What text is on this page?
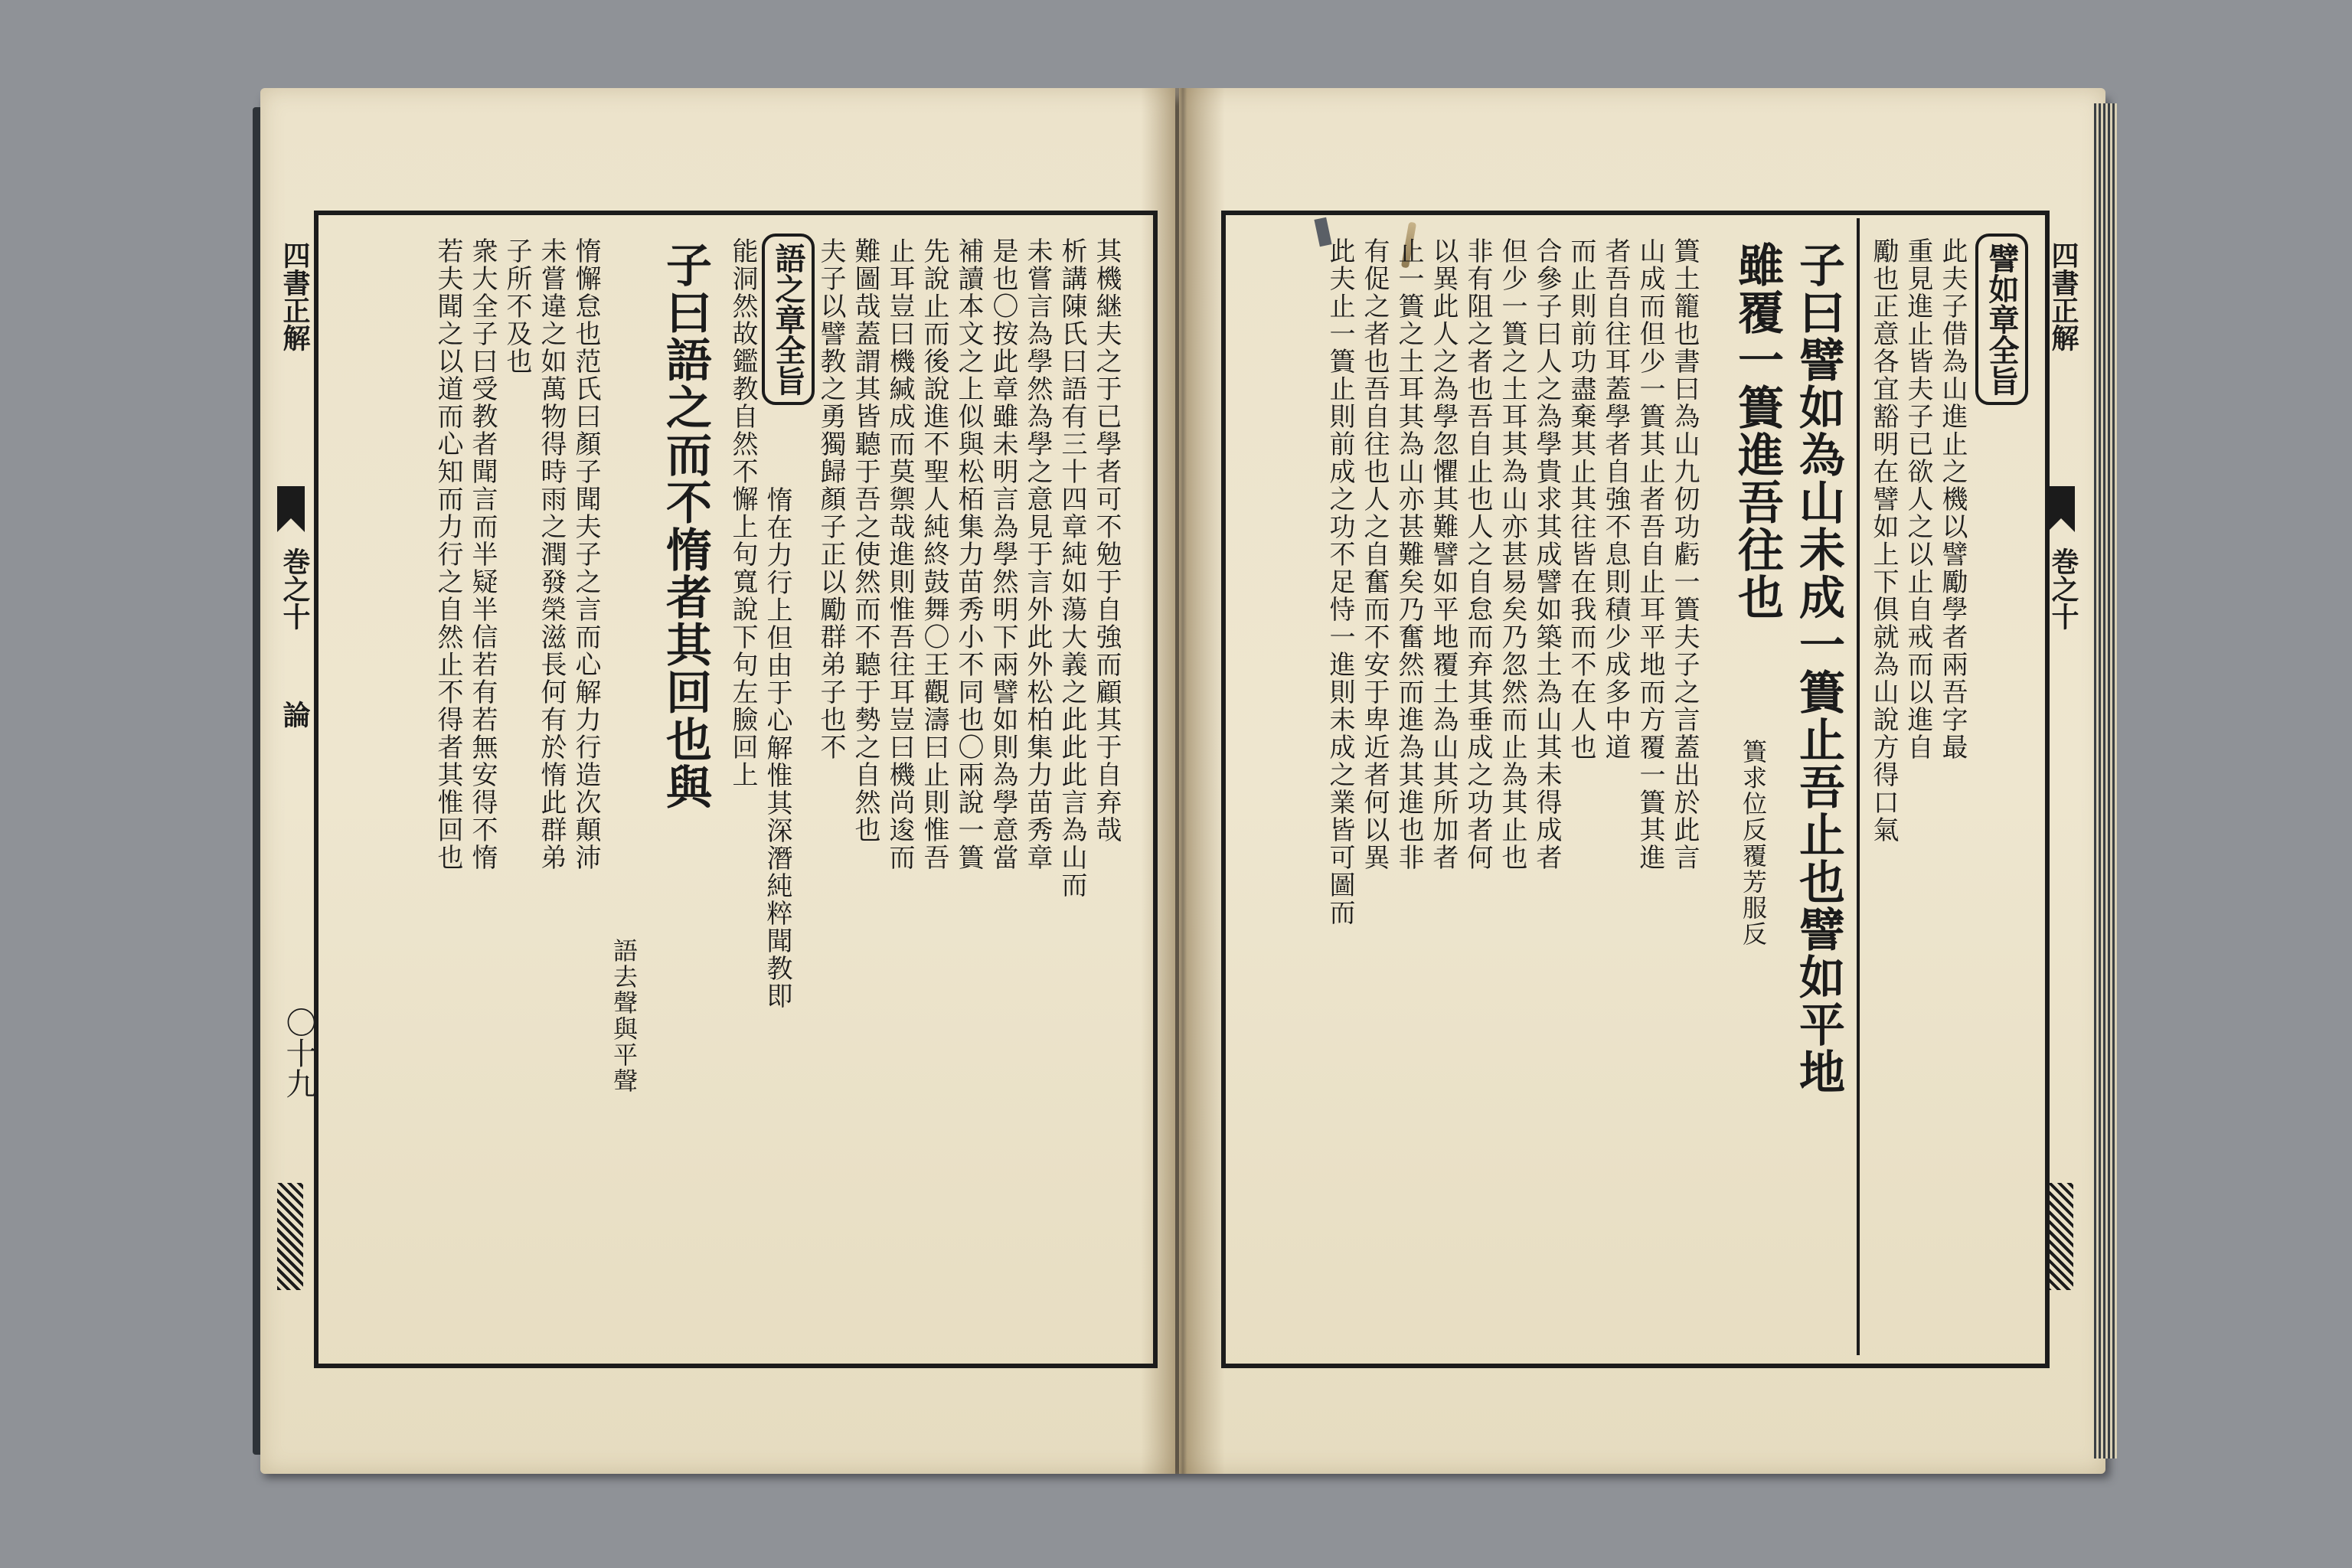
四書正解
巻之十
論
〇十九
其機継夫之于已學者可不勉于自強而顧其于自弃哉
析講陳氏曰語有三十四章純如蕩大義之此此此言為山而
未嘗言為學然為學之意見于言外此外松柏集力苗秀章
是也〇按此章雖未明言為學然明下兩譬如則為學意當
補讀本文之上似與松栢集力苗秀小不同也〇兩說一簣
先說止而後說進不聖人純終鼓舞〇王觀濤曰止則惟吾
止耳豈曰機緘成而莫禦哉進則惟吾往耳豈曰機尚逡而
難圖哉蓋謂其皆聽于吾之使然而不聽于勢之自然也
夫子以譬教之勇獨歸顏子正以勵群弟子也不
語之章全旨
惰在力行上但由于心解惟其深潛純粹聞教即
能洞然故鑑教自然不懈上句寬說下句左臉回上
子曰語之而不惰者其回也與
語去聲與平聲
惰懈怠也范氏曰顏子聞夫子之言而心解力行造次顛沛
未嘗違之如萬物得時雨之潤發榮滋長何有於惰此群弟
子所不及也
衆大全子曰受教者聞言而半疑半信若有若無安得不惰
若夫聞之以道而心知而力行之自然止不得者其惟回也	四書正解
巻之十
譬如章全旨
此夫子借為山進止之機以譬勵學者兩吾字最
重見進止皆夫子已欲人之以止自戒而以進自
勵也正意各宜豁明在譬如上下俱就為山說方得口氣
子曰譬如為山未成一簣止吾止也譬如平地
雖覆一簣進吾往也
簣求位反覆芳服反
簣土籠也書曰為山九仞功虧一簣夫子之言蓋出於此言
山成而但少一簣其止者吾自止耳平地而方覆一簣其進
者吾自往耳蓋學者自強不息則積少成多中道
而止則前功盡棄其止其往皆在我而不在人也
合參子曰人之為學貴求其成譬如築土為山其未得成者
但少一簣之土耳其為山亦甚易矣乃忽然而止為其止也
非有阻之者也吾自止也人之自怠而弃其垂成之功者何
以異此人之為學忽懼其難譬如平地覆土為山其所加者
止一簣之土耳其為山亦甚難矣乃奮然而進為其進也非
有促之者也吾自往也人之自奮而不安于卑近者何以異
此夫止一簣止則前成之功不足恃一進則未成之業皆可圖而
